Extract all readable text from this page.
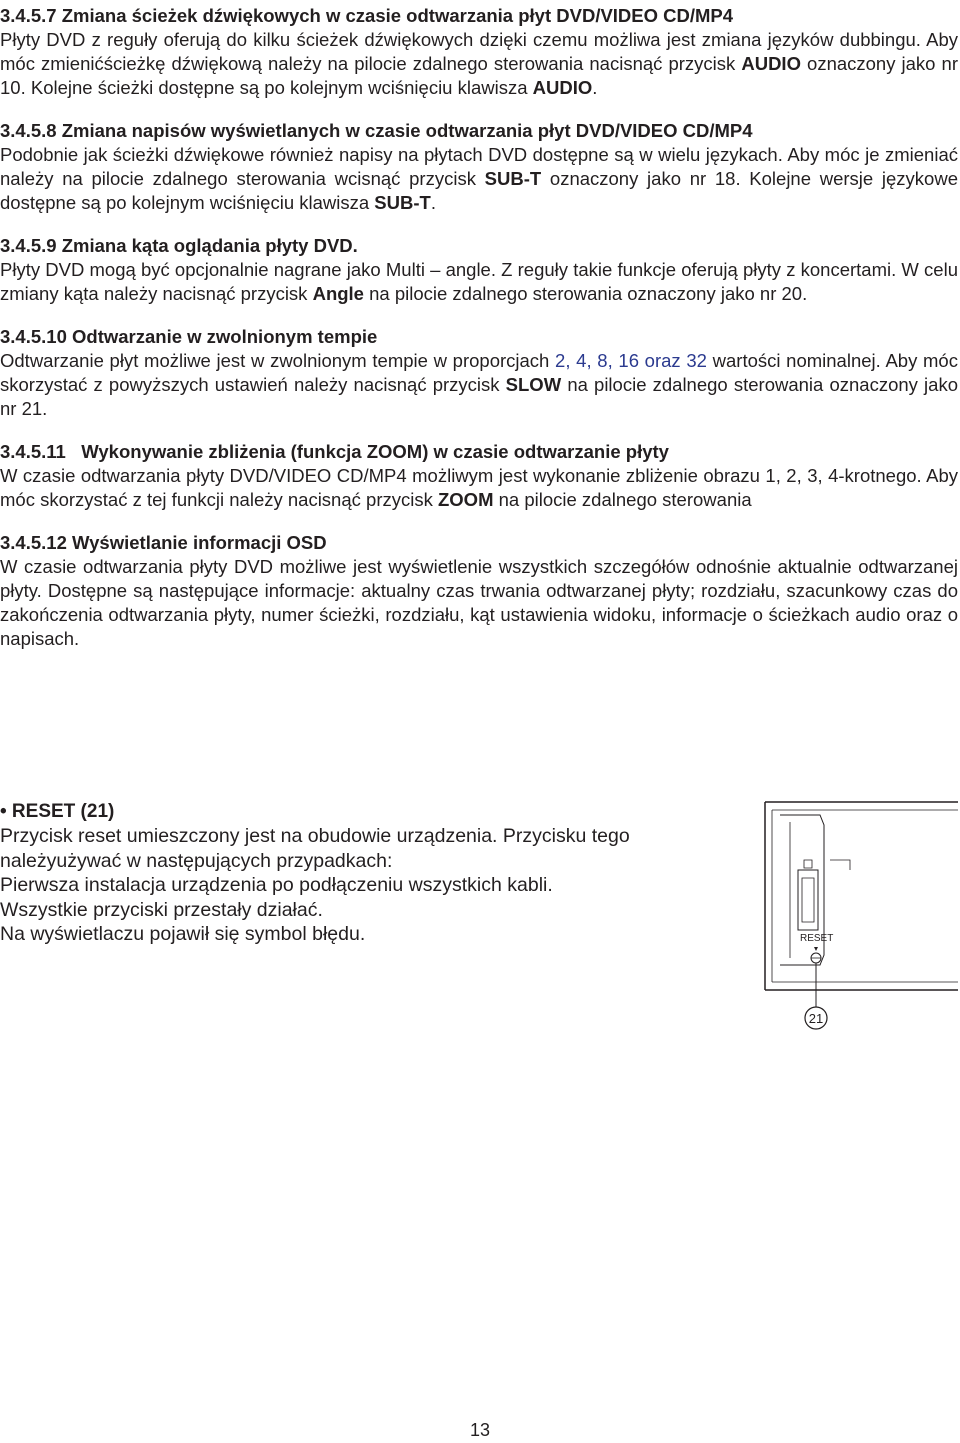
3.4.5.7 Zmiana ścieżek dźwiękowych w czasie odtwarzania płyt DVD/VIDEO CD/MP4

Płyty DVD z reguły oferują do kilku ścieżek dźwiękowych dzięki czemu możliwa jest zmiana języków dubbingu. Aby móc zmienićścieżkę dźwiękową należy na pilocie zdalnego sterowania nacisnąć przycisk AUDIO oznaczony jako nr 10. Kolejne ścieżki dostępne są po kolejnym wciśnięciu klawisza AUDIO.

3.4.5.8 Zmiana napisów wyświetlanych w czasie odtwarzania płyt DVD/VIDEO CD/MP4

Podobnie jak ścieżki dźwiękowe również napisy na płytach DVD dostępne są w wielu językach. Aby móc je zmieniać należy na pilocie zdalnego sterowania wcisnąć przycisk SUB-T oznaczony jako nr 18. Kolejne wersje językowe dostępne są po kolejnym wciśnięciu klawisza SUB-T.

3.4.5.9 Zmiana kąta oglądania płyty DVD.

Płyty DVD mogą być opcjonalnie nagrane jako Multi – angle. Z reguły takie funkcje oferują płyty z koncertami. W celu zmiany kąta należy nacisnąć przycisk Angle na pilocie zdalnego sterowania oznaczony jako nr 20.

3.4.5.10 Odtwarzanie w zwolnionym tempie

Odtwarzanie płyt możliwe jest w zwolnionym tempie w proporcjach 2, 4, 8, 16 oraz 32 wartości nominalnej. Aby móc skorzystać z powyższych ustawień należy nacisnąć przycisk SLOW na pilocie zdalnego sterowania oznaczony jako nr 21.

3.4.5.11   Wykonywanie zbliżenia (funkcja ZOOM) w czasie odtwarzanie płyty

W czasie odtwarzania płyty DVD/VIDEO CD/MP4 możliwym jest wykonanie zbliżenie obrazu 1, 2, 3, 4-krotnego. Aby móc skorzystać z tej funkcji należy nacisnąć przycisk ZOOM na pilocie zdalnego sterowania

3.4.5.12 Wyświetlanie informacji OSD

W czasie odtwarzania płyty DVD możliwe jest wyświetlenie wszystkich szczegółów odnośnie aktualnie odtwarzanej płyty. Dostępne są następujące informacje: aktualny czas trwania odtwarzanej płyty; rozdziału, szacunkowy czas do zakończenia odtwarzania płyty, numer ścieżki, rozdziału, kąt ustawienia widoku, informacje o ścieżkach audio oraz o napisach.

• RESET (21)
Przycisk reset umieszczony jest na obudowie urządzenia. Przycisku tego
należyużywać w następujących przypadkach:
Pierwsza instalacja urządzenia po podłączeniu wszystkich kabli.
Wszystkie przyciski przestały działać.
Na wyświetlaczu pojawił się symbol błędu.	RESET
21
13
